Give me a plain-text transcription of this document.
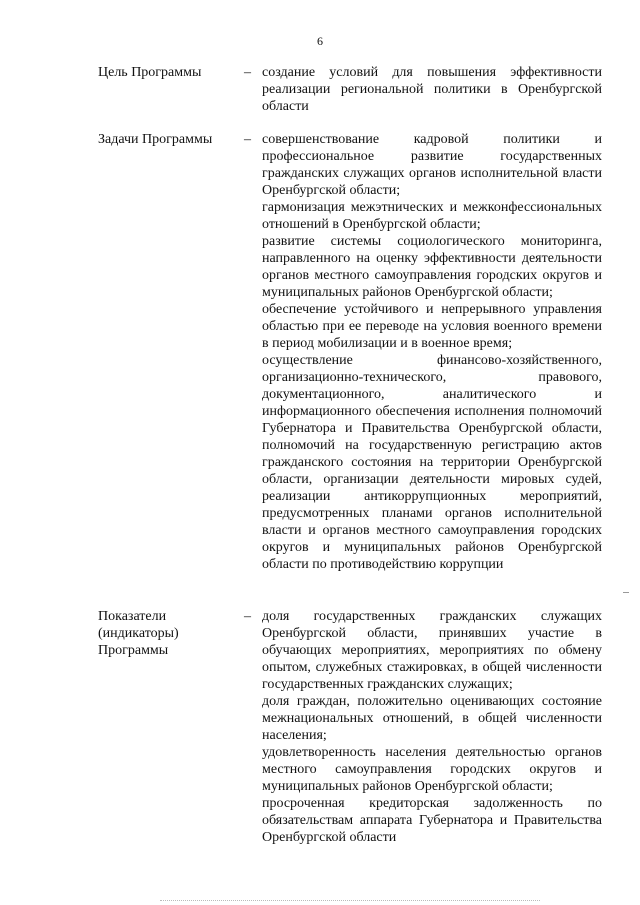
6
Цель Программы	– создание условий для повышения эффективности реализации региональной политики в Оренбургской области
Задачи Программы	– совершенствование кадровой политики и профессиональное развитие государственных гражданских служащих органов исполнительной власти Оренбургской области;
гармонизация межэтнических и межконфессиональных отношений в Оренбургской области;
развитие системы социологического мониторинга, направленного на оценку эффективности деятельности органов местного самоуправления городских округов и муниципальных районов Оренбургской области;
обеспечение устойчивого и непрерывного управления областью при ее переводе на условия военного времени в период мобилизации и в военное время;
осуществление финансово-хозяйственного, организационно-технического, правового, документационного, аналитического и информационного обеспечения исполнения полномочий Губернатора и Правительства Оренбургской области, полномочий на государственную регистрацию актов гражданского состояния на территории Оренбургской области, организации деятельности мировых судей, реализации антикоррупционных мероприятий, предусмотренных планами органов исполнительной власти и органов местного самоуправления городских округов и муниципальных районов Оренбургской области по противодействию коррупции
Показатели (индикаторы) Программы
– доля государственных гражданских служащих Оренбургской области, принявших участие в обучающих мероприятиях, мероприятиях по обмену опытом, служебных стажировках, в общей численности государственных гражданских служащих;
доля граждан, положительно оценивающих состояние межнациональных отношений, в общей численности населения;
удовлетворенность населения деятельностью органов местного самоуправления городских округов и муниципальных районов Оренбургской области;
просроченная кредиторская задолженность по обязательствам аппарата Губернатора и Правительства Оренбургской области
